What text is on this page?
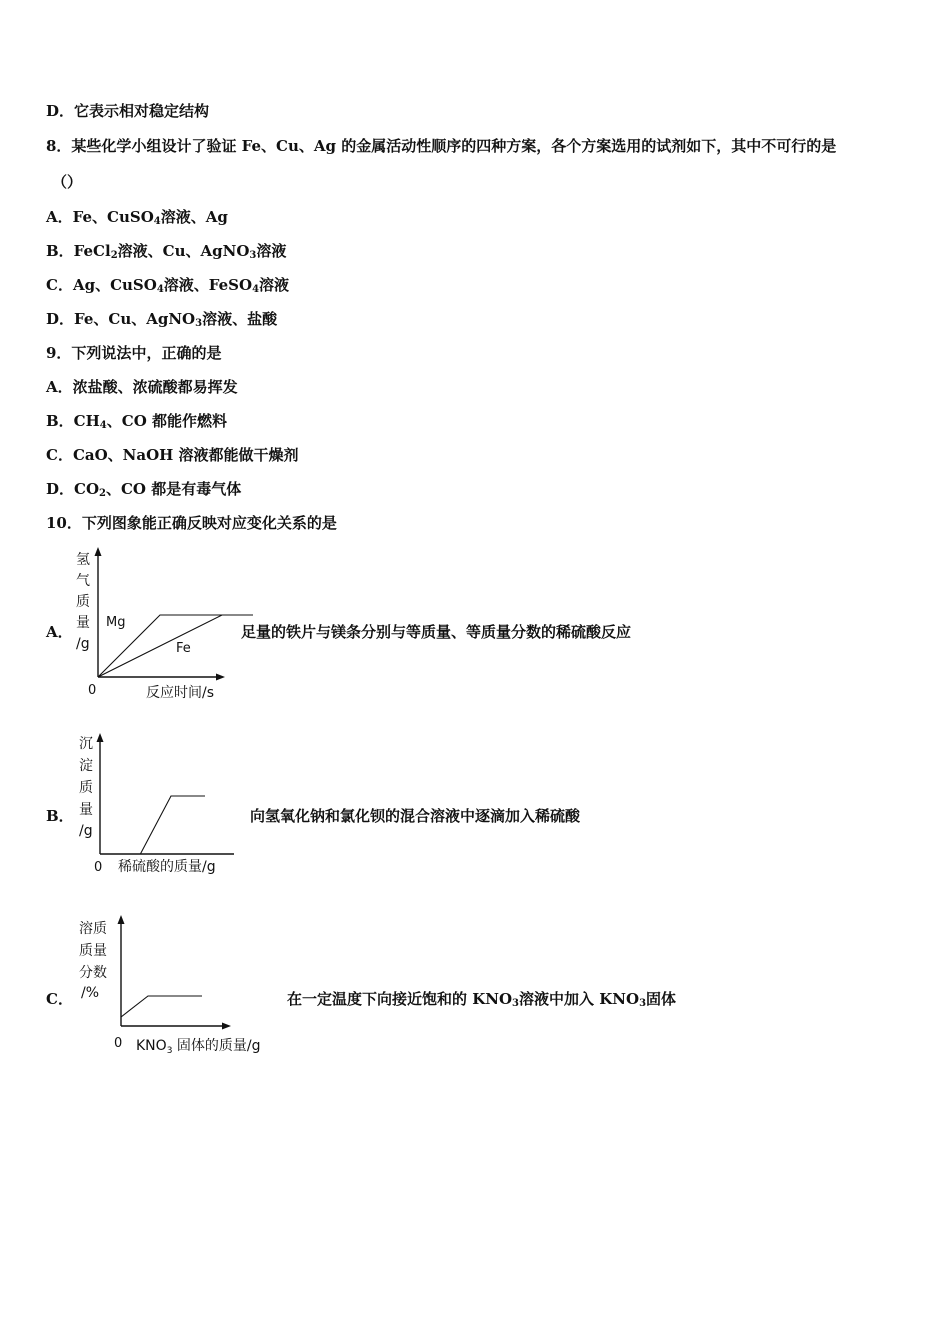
D．它表示相对稳定结构
8．某些化学小组设计了验证 Fe、Cu、Ag 的金属活动性顺序的四种方案，各个方案选用的试剂如下，其中不可行的是
（）
A．Fe、CuSO$_4$溶液、Ag
B．FeCl$_2$溶液、Cu、AgNO$_3$溶液
C．Ag、CuSO$_4$溶液、FeSO$_4$溶液
D．Fe、Cu、AgNO$_3$溶液、盐酸
9．下列说法中，正确的是
A．浓盐酸、浓硫酸都易挥发
B．$CH_4$、CO 都能作燃料
C．CaO、NaOH 溶液都能做干燥剂
D．$CO_2$、CO 都是有毒气体
10．下列图象能正确反映对应变化关系的是
A．
氢
气
质
量
/g
0	反应时间/s
Mg
Fe
足量的铁片与镁条分别与等质量、等质量分数的稀硫酸反应
B．
沉
淀
质
量
/g
0 稀硫酸的质量/g
向氢氧化钠和氯化钡的混合溶液中逐滴加入稀硫酸
C．
溶质
质量
分数
/%
0 $KNO_3$ 固体的质量/g
在一定温度下向接近饱和的 $KNO_3$溶液中加入 $KNO_3$固体
